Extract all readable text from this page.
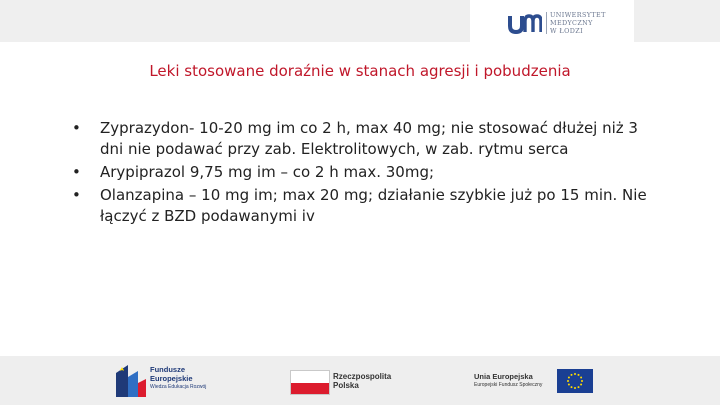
UNIWERSYTET
MEDYCZNY
W ŁODZI
Leki stosowane doraźnie w stanach agresji i pobudzenia
• Zyprazydon- 10-20 mg im co 2 h, max 40 mg; nie stosować dłużej niż 3 dni nie podawać przy zab. Elektrolitowych, w zab. rytmu serca
• Arypiprazol 9,75 mg im – co 2 h max. 30mg;
• Olanzapina – 10 mg im; max 20 mg; działanie szybkie już po 15 min. Nie łączyć z BZD podawanymi iv
Fundusze
Europejskie
Wiedza Edukacja Rozwój
Rzeczpospolita
Polska
Unia Europejska
Europejski Fundusz Społeczny
